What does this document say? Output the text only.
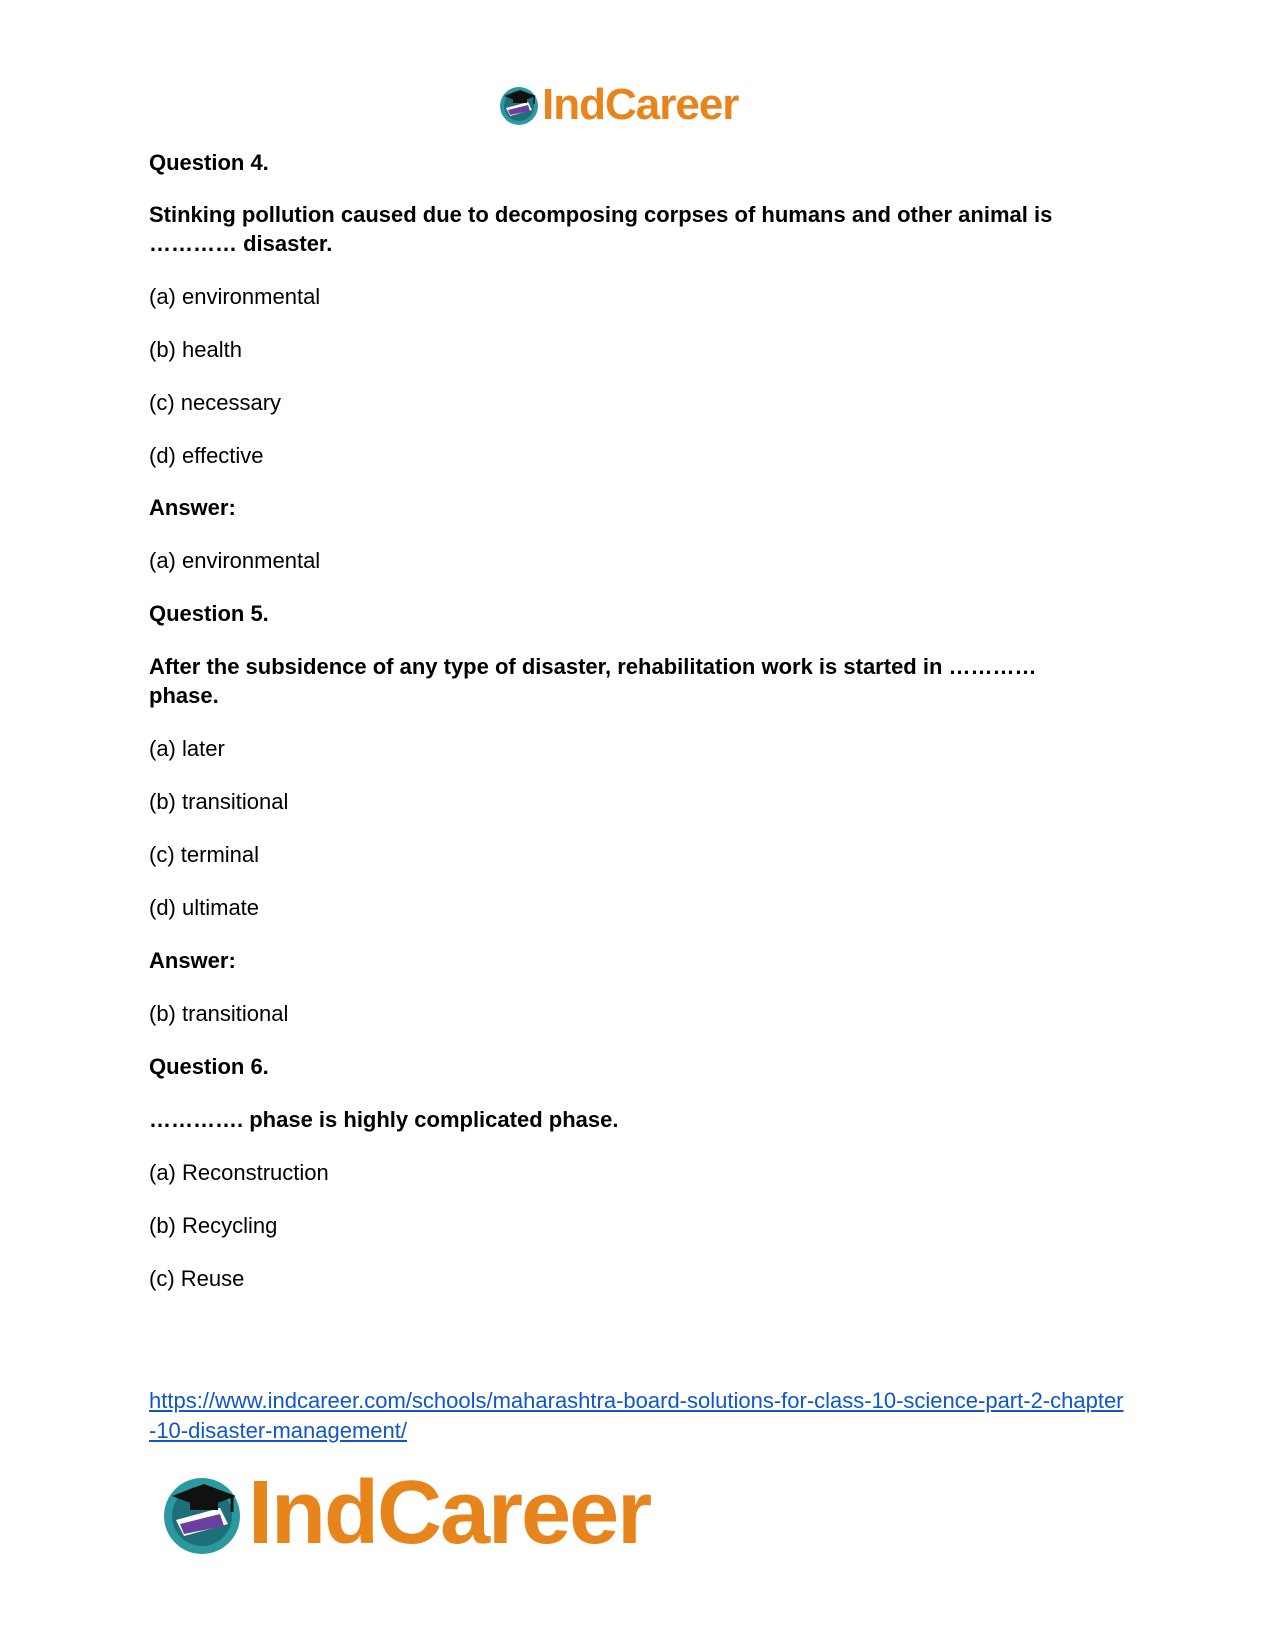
IndCareer
Question 4.
Stinking pollution caused due to decomposing corpses of humans and other animal is
………… disaster.
(a) environmental
(b) health
(c) necessary
(d) effective
Answer:
(a) environmental
Question 5.
After the subsidence of any type of disaster, rehabilitation work is started in …………
phase.
(a) later
(b) transitional
(c) terminal
(d) ultimate
Answer:
(b) transitional
Question 6.
…………. phase is highly complicated phase.
(a) Reconstruction
(b) Recycling
(c) Reuse
https://www.indcareer.com/schools/maharashtra-board-solutions-for-class-10-science-part-2-chapter-10-disaster-management/
IndCareer
